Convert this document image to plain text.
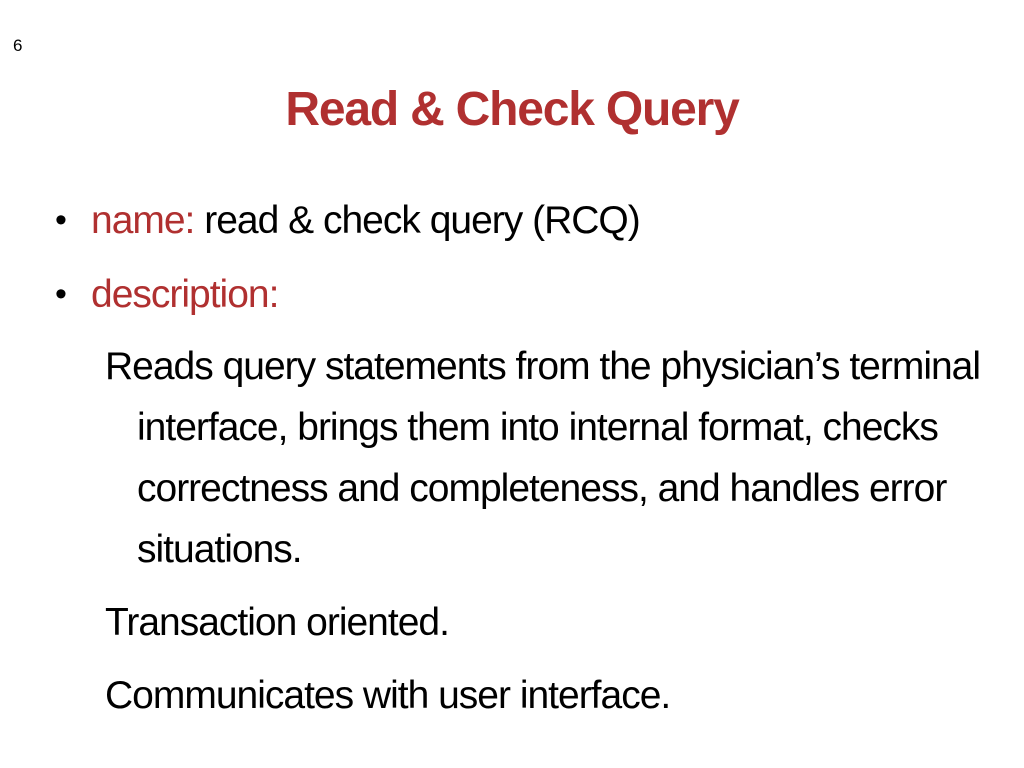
6
Read & Check Query
• name: read & check query (RCQ)
• description:

Reads query statements from the physician’s terminal interface, brings them into internal format, checks correctness and completeness, and handles error situations.

Transaction oriented.

Communicates with user interface.
